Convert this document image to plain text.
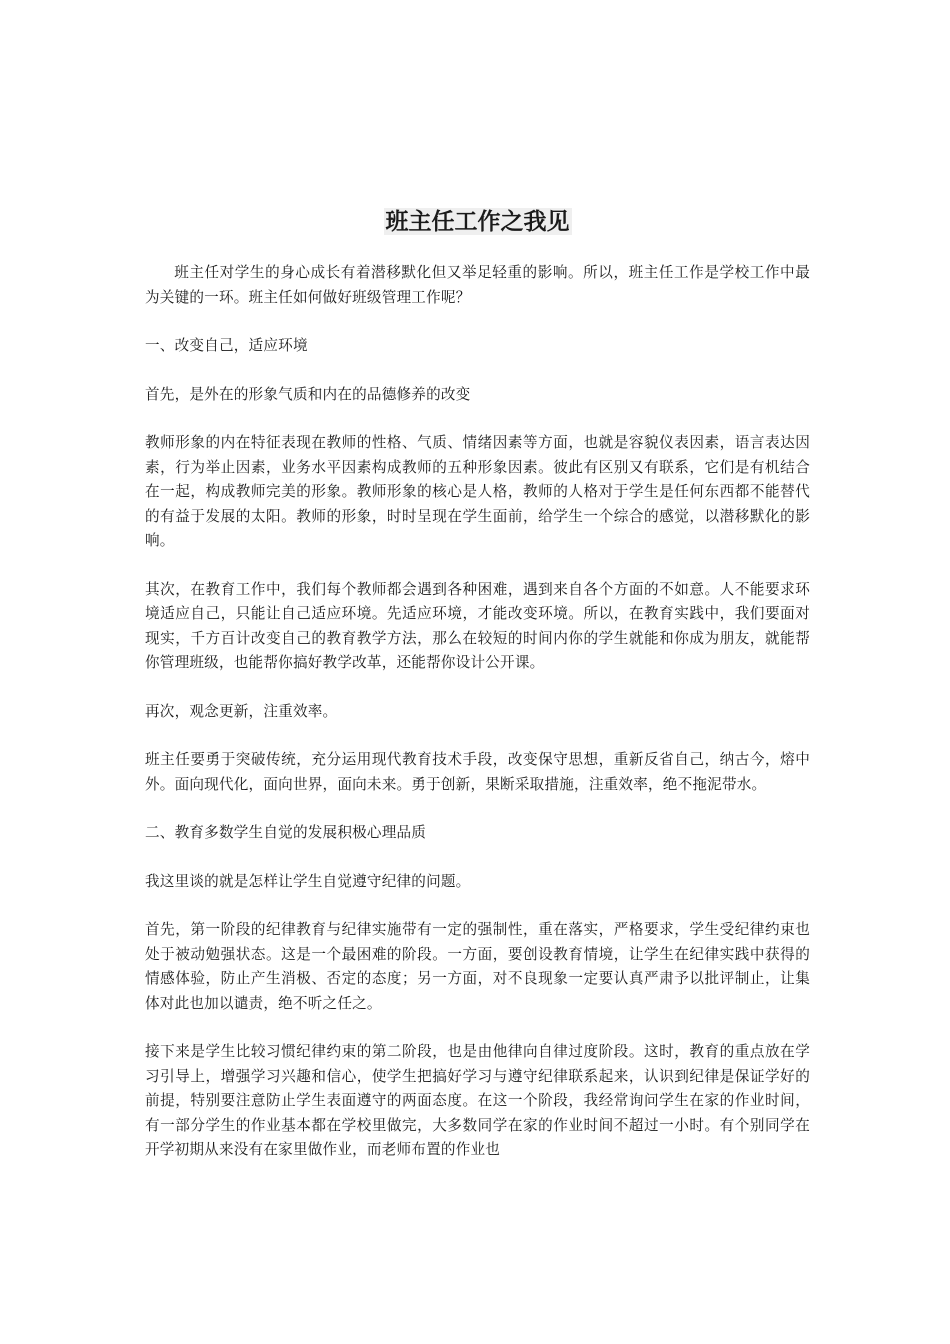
班主任工作之我见

班主任对学生的身心成长有着潜移默化但又举足轻重的影响。所以，班主任工作是学校工作中最为关键的一环。班主任如何做好班级管理工作呢？

一、改变自己，适应环境

首先，是外在的形象气质和内在的品德修养的改变

教师形象的内在特征表现在教师的性格、气质、情绪因素等方面，也就是容貌仪表因素，语言表达因素，行为举止因素，业务水平因素构成教师的五种形象因素。彼此有区别又有联系，它们是有机结合在一起，构成教师完美的形象。教师形象的核心是人格，教师的人格对于学生是任何东西都不能替代的有益于发展的太阳。教师的形象，时时呈现在学生面前，给学生一个综合的感觉，以潜移默化的影响。

其次，在教育工作中，我们每个教师都会遇到各种困难，遇到来自各个方面的不如意。人不能要求环境适应自己，只能让自己适应环境。先适应环境，才能改变环境。所以，在教育实践中，我们要面对现实，千方百计改变自己的教育教学方法，那么在较短的时间内你的学生就能和你成为朋友，就能帮你管理班级，也能帮你搞好教学改革，还能帮你设计公开课。

再次，观念更新，注重效率。

班主任要勇于突破传统，充分运用现代教育技术手段，改变保守思想，重新反省自己，纳古今，熔中外。面向现代化，面向世界，面向未来。勇于创新，果断采取措施，注重效率，绝不拖泥带水。

二、教育多数学生自觉的发展积极心理品质

我这里谈的就是怎样让学生自觉遵守纪律的问题。

首先，第一阶段的纪律教育与纪律实施带有一定的强制性，重在落实，严格要求，学生受纪律约束也处于被动勉强状态。这是一个最困难的阶段。一方面，要创设教育情境，让学生在纪律实践中获得的情感体验，防止产生消极、否定的态度；另一方面，对不良现象一定要认真严肃予以批评制止，让集体对此也加以谴责，绝不听之任之。

接下来是学生比较习惯纪律约束的第二阶段，也是由他律向自律过度阶段。这时，教育的重点放在学习引导上，增强学习兴趣和信心，使学生把搞好学习与遵守纪律联系起来，认识到纪律是保证学好的前提，特别要注意防止学生表面遵守的两面态度。在这一个阶段，我经常询问学生在家的作业时间，有一部分学生的作业基本都在学校里做完，大多数同学在家的作业时间不超过一小时。有个别同学在开学初期从来没有在家里做作业，而老师布置的作业也
